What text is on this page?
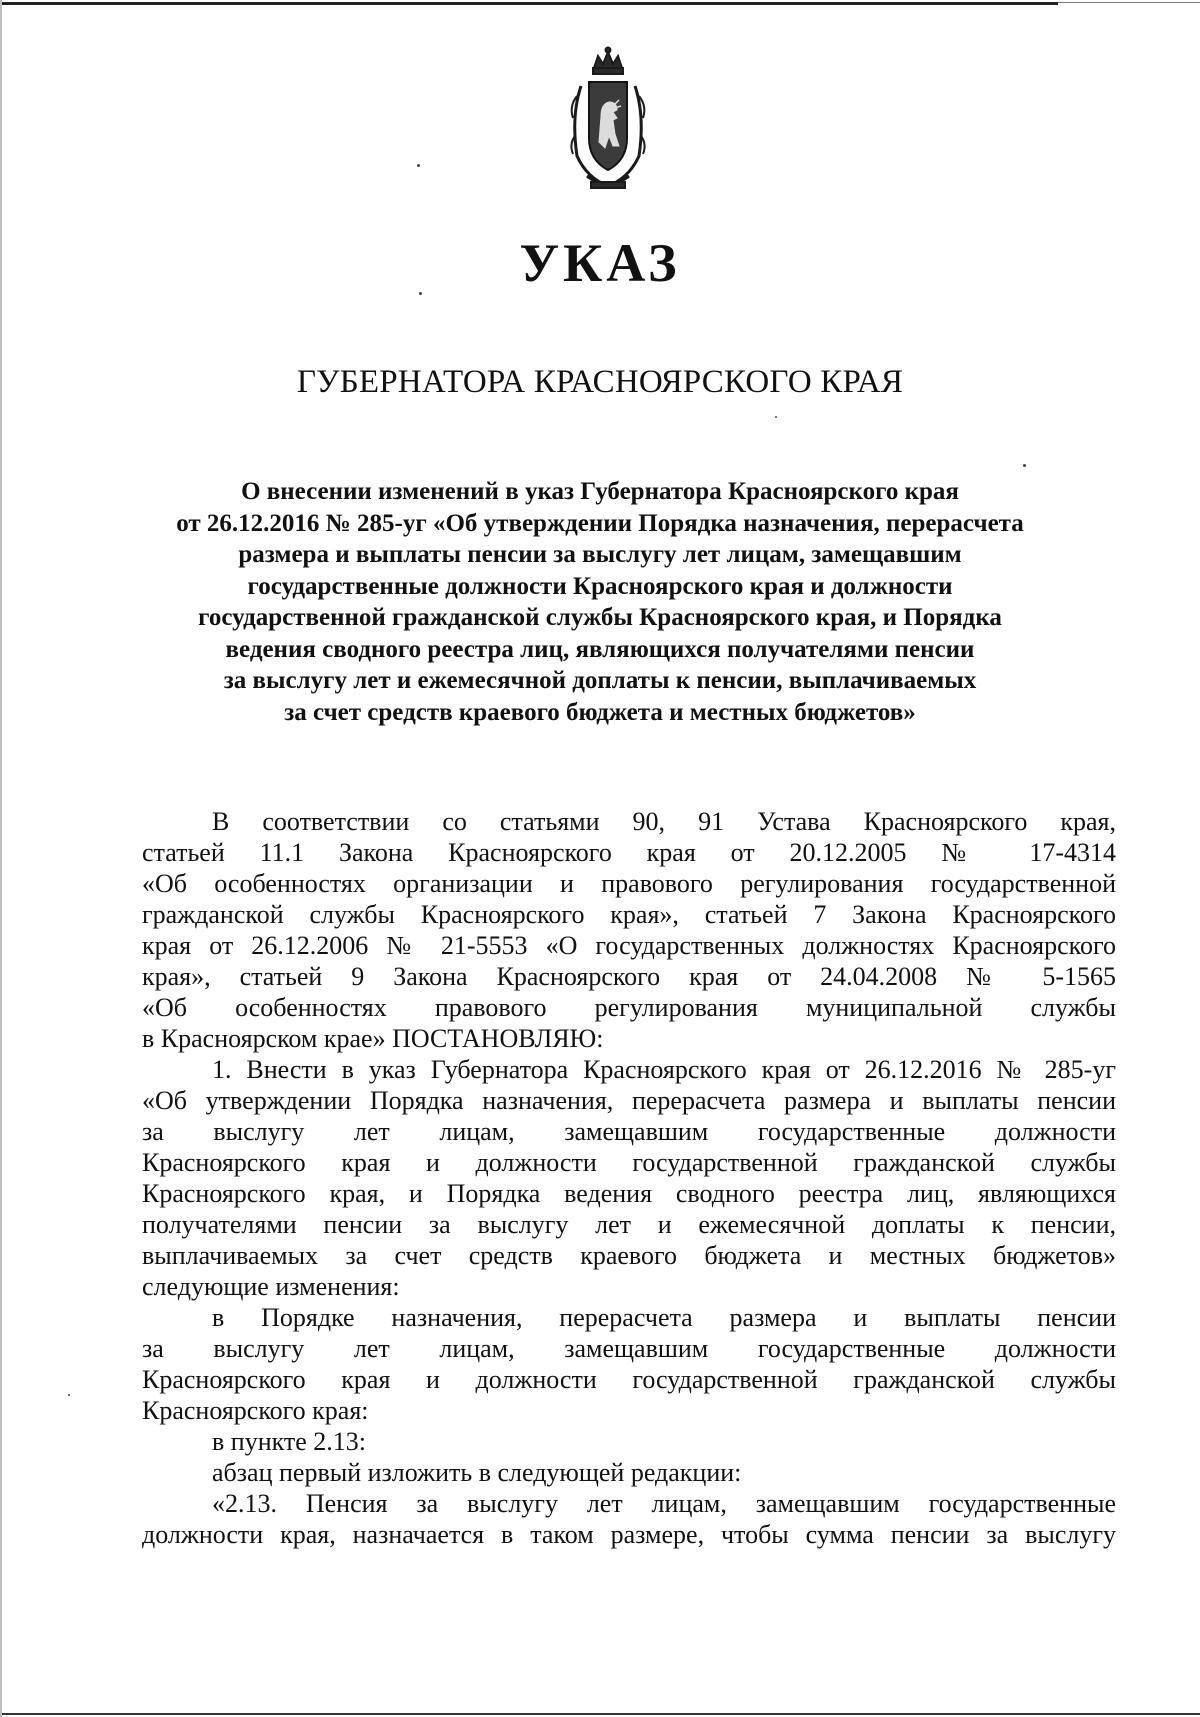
УКАЗ
ГУБЕРНАТОРА КРАСНОЯРСКОГО КРАЯ
О внесении изменений в указ Губернатора Красноярского края
от 26.12.2016 № 285-уг «Об утверждении Порядка назначения, перерасчета
размера и выплаты пенсии за выслугу лет лицам, замещавшим
государственные должности Красноярского края и должности
государственной гражданской службы Красноярского края, и Порядка
ведения сводного реестра лиц, являющихся получателями пенсии
за выслугу лет и ежемесячной доплаты к пенсии, выплачиваемых
за счет средств краевого бюджета и местных бюджетов»
В соответствии со статьями 90, 91 Устава Красноярского края,
статьей 11.1 Закона Красноярского края от 20.12.2005 № 17-4314
«Об особенностях организации и правового регулирования государственной
гражданской службы Красноярского края», статьей 7 Закона Красноярского
края от 26.12.2006 № 21-5553 «О государственных должностях Красноярского
края», статьей 9 Закона Красноярского края от 24.04.2008 № 5-1565
«Об особенностях правового регулирования муниципальной службы
в Красноярском крае» ПОСТАНОВЛЯЮ:
1. Внести в указ Губернатора Красноярского края от 26.12.2016 № 285-уг
«Об утверждении Порядка назначения, перерасчета размера и выплаты пенсии
за выслугу лет лицам, замещавшим государственные должности
Красноярского края и должности государственной гражданской службы
Красноярского края, и Порядка ведения сводного реестра лиц, являющихся
получателями пенсии за выслугу лет и ежемесячной доплаты к пенсии,
выплачиваемых за счет средств краевого бюджета и местных бюджетов»
следующие изменения:
в Порядке назначения, перерасчета размера и выплаты пенсии
за выслугу лет лицам, замещавшим государственные должности
Красноярского края и должности государственной гражданской службы
Красноярского края:
в пункте 2.13:
абзац первый изложить в следующей редакции:
«2.13. Пенсия за выслугу лет лицам, замещавшим государственные
должности края, назначается в таком размере, чтобы сумма пенсии за выслугу
